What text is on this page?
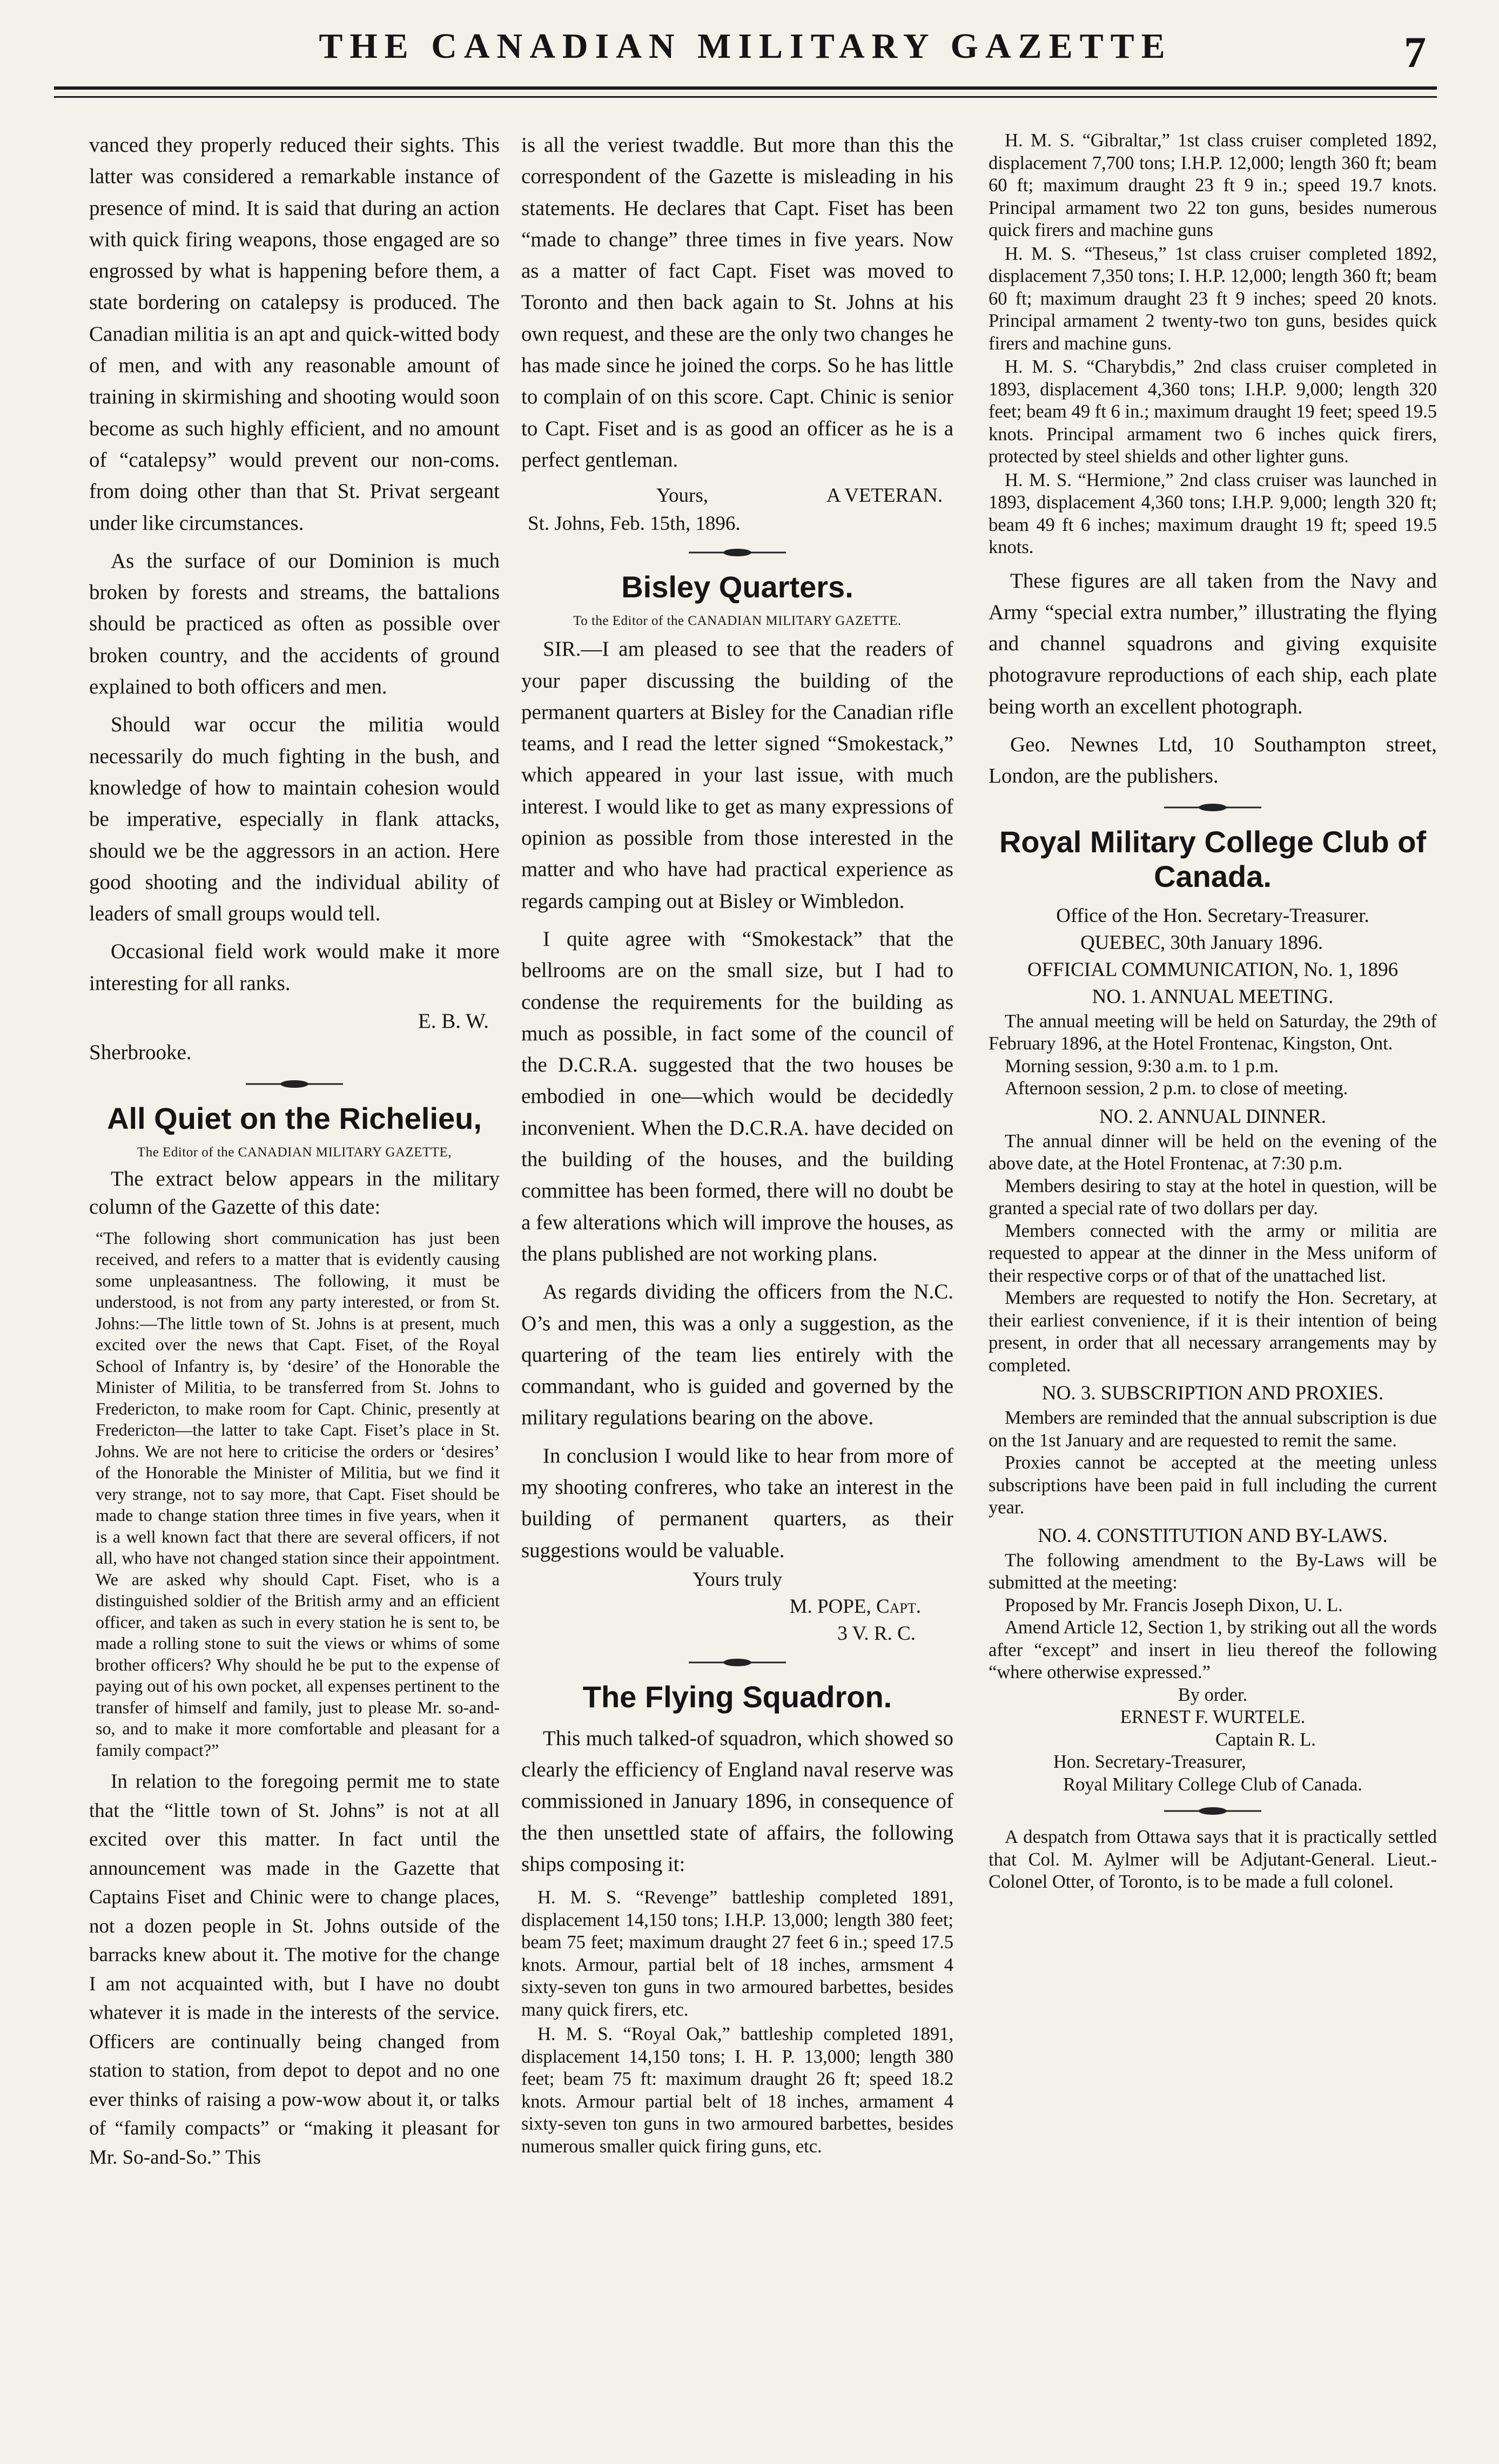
THE CANADIAN MILITARY GAZETTE	7

vanced they properly reduced their sights. This latter was considered a remarkable instance of presence of mind. It is said that during an action with quick firing weapons, those engaged are so engrossed by what is happening before them, a state bordering on catalepsy is produced. The Canadian militia is an apt and quick-witted body of men, and with any reasonable amount of training in skirmishing and shooting would soon become as such highly efficient, and no amount of “catalepsy” would prevent our non-coms. from doing other than that St. Privat sergeant under like circumstances.

As the surface of our Dominion is much broken by forests and streams, the battalions should be practiced as often as possible over broken country, and the accidents of ground explained to both officers and men.

Should war occur the militia would necessarily do much fighting in the bush, and knowledge of how to maintain cohesion would be imperative, especially in flank attacks, should we be the aggressors in an action. Here good shooting and the individual ability of leaders of small groups would tell.

Occasional field work would make it more interesting for all ranks.

E. B. W.

Sherbrooke.

All Quiet on the Richelieu,

The Editor of the CANADIAN MILITARY GAZETTE,

The extract below appears in the military column of the Gazette of this date:

“The following short communication has just been received, and refers to a matter that is evidently causing some unpleasantness. The following, it must be understood, is not from any party interested, or from St. Johns:—The little town of St. Johns is at present, much excited over the news that Capt. Fiset, of the Royal School of Infantry is, by ‘desire’ of the Honorable the Minister of Militia, to be transferred from St. Johns to Fredericton, to make room for Capt. Chinic, presently at Fredericton—the latter to take Capt. Fiset’s place in St. Johns. We are not here to criticise the orders or ‘desires’ of the Honorable the Minister of Militia, but we find it very strange, not to say more, that Capt. Fiset should be made to change station three times in five years, when it is a well known fact that there are several officers, if not all, who have not changed station since their appointment. We are asked why should Capt. Fiset, who is a distinguished soldier of the British army and an efficient officer, and taken as such in every station he is sent to, be made a rolling stone to suit the views or whims of some brother officers? Why should he be put to the expense of paying out of his own pocket, all expenses pertinent to the transfer of himself and family, just to please Mr. so-and-so, and to make it more comfortable and pleasant for a family compact?”

In relation to the foregoing permit me to state that the “little town of St. Johns” is not at all excited over this matter. In fact until the announcement was made in the Gazette that Captains Fiset and Chinic were to change places, not a dozen people in St. Johns outside of the barracks knew about it. The motive for the change I am not acquainted with, but I have no doubt whatever it is made in the interests of the service. Officers are continually being changed from station to station, from depot to depot and no one ever thinks of raising a pow-wow about it, or talks of “family compacts” or “making it pleasant for Mr. So-and-So.” This

is all the veriest twaddle. But more than this the correspondent of the Gazette is misleading in his statements. He declares that Capt. Fiset has been “made to change” three times in five years. Now as a matter of fact Capt. Fiset was moved to Toronto and then back again to St. Johns at his own request, and these are the only two changes he has made since he joined the corps. So he has little to complain of on this score. Capt. Chinic is senior to Capt. Fiset and is as good an officer as he is a perfect gentleman.

Yours,	A VETERAN.

St. Johns, Feb. 15th, 1896.

Bisley Quarters.

To the Editor of the CANADIAN MILITARY GAZETTE.

SIR.—I am pleased to see that the readers of your paper discussing the building of the permanent quarters at Bisley for the Canadian rifle teams, and I read the letter signed “Smokestack,” which appeared in your last issue, with much interest. I would like to get as many expressions of opinion as possible from those interested in the matter and who have had practical experience as regards camping out at Bisley or Wimbledon.

I quite agree with “Smokestack” that the bellrooms are on the small size, but I had to condense the requirements for the building as much as possible, in fact some of the council of the D.C.R.A. suggested that the two houses be embodied in one—which would be decidedly inconvenient. When the D.C.R.A. have decided on the building of the houses, and the building committee has been formed, there will no doubt be a few alterations which will improve the houses, as the plans published are not working plans.

As regards dividing the officers from the N.C. O’s and men, this was a only a suggestion, as the quartering of the team lies entirely with the commandant, who is guided and governed by the military regulations bearing on the above.

In conclusion I would like to hear from more of my shooting confreres, who take an interest in the building of permanent quarters, as their suggestions would be valuable.

Yours truly

M. POPE, Capt.

3 V. R. C.

The Flying Squadron.

This much talked-of squadron, which showed so clearly the efficiency of England naval reserve was commissioned in January 1896, in consequence of the then unsettled state of affairs, the following ships composing it:

H. M. S. “Revenge” battleship completed 1891, displacement 14,150 tons; I.H.P. 13,000; length 380 feet; beam 75 feet; maximum draught 27 feet 6 in.; speed 17.5 knots. Armour, partial belt of 18 inches, armsment 4 sixty-seven ton guns in two armoured barbettes, besides many quick firers, etc.

H. M. S. “Royal Oak,” battleship completed 1891, displacement 14,150 tons; I. H. P. 13,000; length 380 feet; beam 75 ft: maximum draught 26 ft; speed 18.2 knots. Armour partial belt of 18 inches, armament 4 sixty-seven ton guns in two armoured barbettes, besides numerous smaller quick firing guns, etc.

H. M. S. “Gibraltar,” 1st class cruiser completed 1892, displacement 7,700 tons; I.H.P. 12,000; length 360 ft; beam 60 ft; maximum draught 23 ft 9 in.; speed 19.7 knots. Principal armament two 22 ton guns, besides numerous quick firers and machine guns

H. M. S. “Theseus,” 1st class cruiser completed 1892, displacement 7,350 tons; I. H.P. 12,000; length 360 ft; beam 60 ft; maximum draught 23 ft 9 inches; speed 20 knots. Principal armament 2 twenty-two ton guns, besides quick firers and machine guns.

H. M. S. “Charybdis,” 2nd class cruiser completed in 1893, displacement 4,360 tons; I.H.P. 9,000; length 320 feet; beam 49 ft 6 in.; maximum draught 19 feet; speed 19.5 knots. Principal armament two 6 inches quick firers, protected by steel shields and other lighter guns.

H. M. S. “Hermione,” 2nd class cruiser was launched in 1893, displacement 4,360 tons; I.H.P. 9,000; length 320 ft; beam 49 ft 6 inches; maximum draught 19 ft; speed 19.5 knots.

These figures are all taken from the Navy and Army “special extra number,” illustrating the flying and channel squadrons and giving exquisite photogravure reproductions of each ship, each plate being worth an excellent photograph.

Geo. Newnes Ltd, 10 Southampton street, London, are the publishers.

Royal Military College Club of Canada.

Office of the Hon. Secretary-Treasurer.

QUEBEC, 30th January 1896.

OFFICIAL COMMUNICATION, No. 1, 1896

NO. 1. ANNUAL MEETING.

The annual meeting will be held on Saturday, the 29th of February 1896, at the Hotel Frontenac, Kingston, Ont.

Morning session, 9:30 a.m. to 1 p.m.

Afternoon session, 2 p.m. to close of meeting.

NO. 2. ANNUAL DINNER.

The annual dinner will be held on the evening of the above date, at the Hotel Frontenac, at 7:30 p.m.

Members desiring to stay at the hotel in question, will be granted a special rate of two dollars per day.

Members connected with the army or militia are requested to appear at the dinner in the Mess uniform of their respective corps or of that of the unattached list.

Members are requested to notify the Hon. Secretary, at their earliest convenience, if it is their intention of being present, in order that all necessary arrangements may by completed.

NO. 3. SUBSCRIPTION AND PROXIES.

Members are reminded that the annual subscription is due on the 1st January and are requested to remit the same.

Proxies cannot be accepted at the meeting unless subscriptions have been paid in full including the current year.

NO. 4. CONSTITUTION AND BY-LAWS.

The following amendment to the By-Laws will be submitted at the meeting:

Proposed by Mr. Francis Joseph Dixon, U. L.

Amend Article 12, Section 1, by striking out all the words after “except” and insert in lieu thereof the following “where otherwise expressed.”

By order.

ERNEST F. WURTELE.

Captain R. L.

Hon. Secretary-Treasurer,

Royal Military College Club of Canada.

A despatch from Ottawa says that it is practically settled that Col. M. Aylmer will be Adjutant-General. Lieut.-Colonel Otter, of Toronto, is to be made a full colonel.
